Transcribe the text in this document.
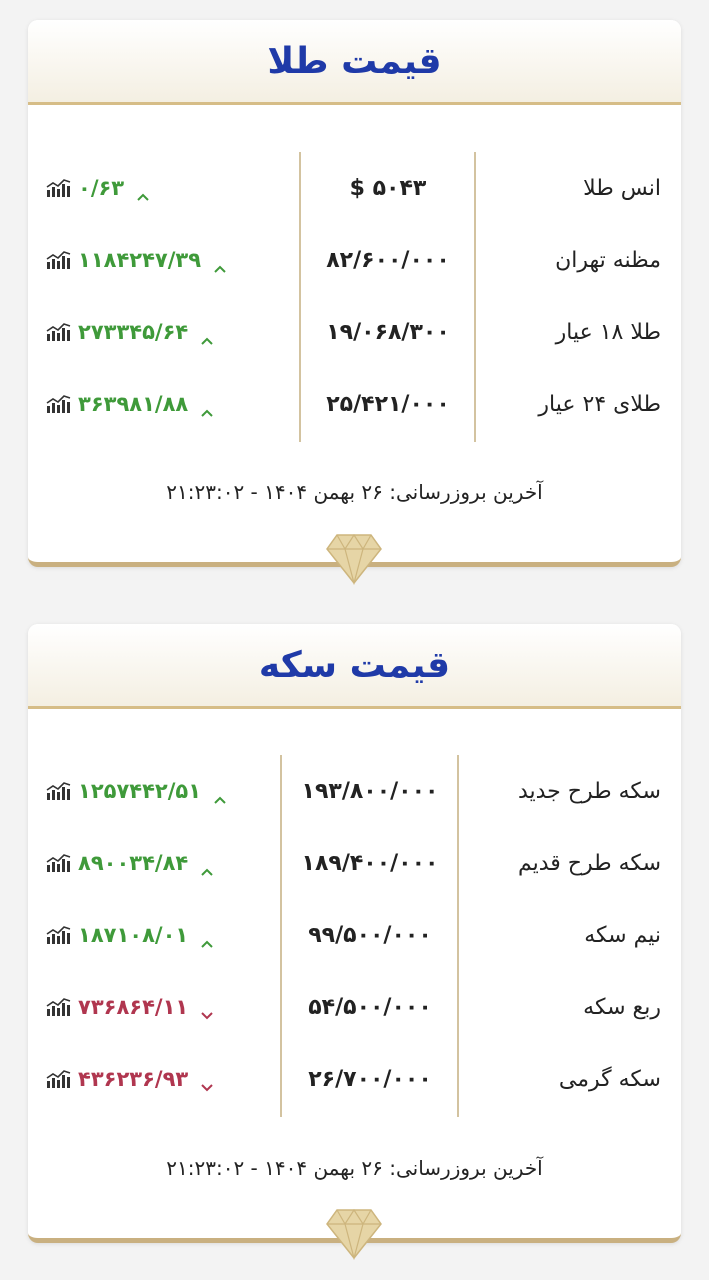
قیمت طلا
انس طلا
$ ۵۰۴۳
۰/۶۳
مظنه تهران
۸۲/۶۰۰/۰۰۰
۱۱۸۴۲۴۷/۳۹
طلا ۱۸ عیار
۱۹/۰۶۸/۳۰۰
۲۷۳۳۴۵/۶۴
طلای ۲۴ عیار
۲۵/۴۲۱/۰۰۰
۳۶۳۹۸۱/۸۸
آخرین بروزرسانی: ۲۶ بهمن ۱۴۰۴ - ۲۱:۲۳:۰۲
قیمت سکه
سکه طرح جدید
۱۹۳/۸۰۰/۰۰۰
۱۲۵۷۴۴۲/۵۱
سکه طرح قدیم
۱۸۹/۴۰۰/۰۰۰
۸۹۰۰۳۴/۸۴
نیم سکه
۹۹/۵۰۰/۰۰۰
۱۸۷۱۰۸/۰۱
ربع سکه
۵۴/۵۰۰/۰۰۰
۷۳۶۸۶۴/۱۱
سکه گرمی
۲۶/۷۰۰/۰۰۰
۴۳۶۲۳۶/۹۳
آخرین بروزرسانی: ۲۶ بهمن ۱۴۰۴ - ۲۱:۲۳:۰۲
